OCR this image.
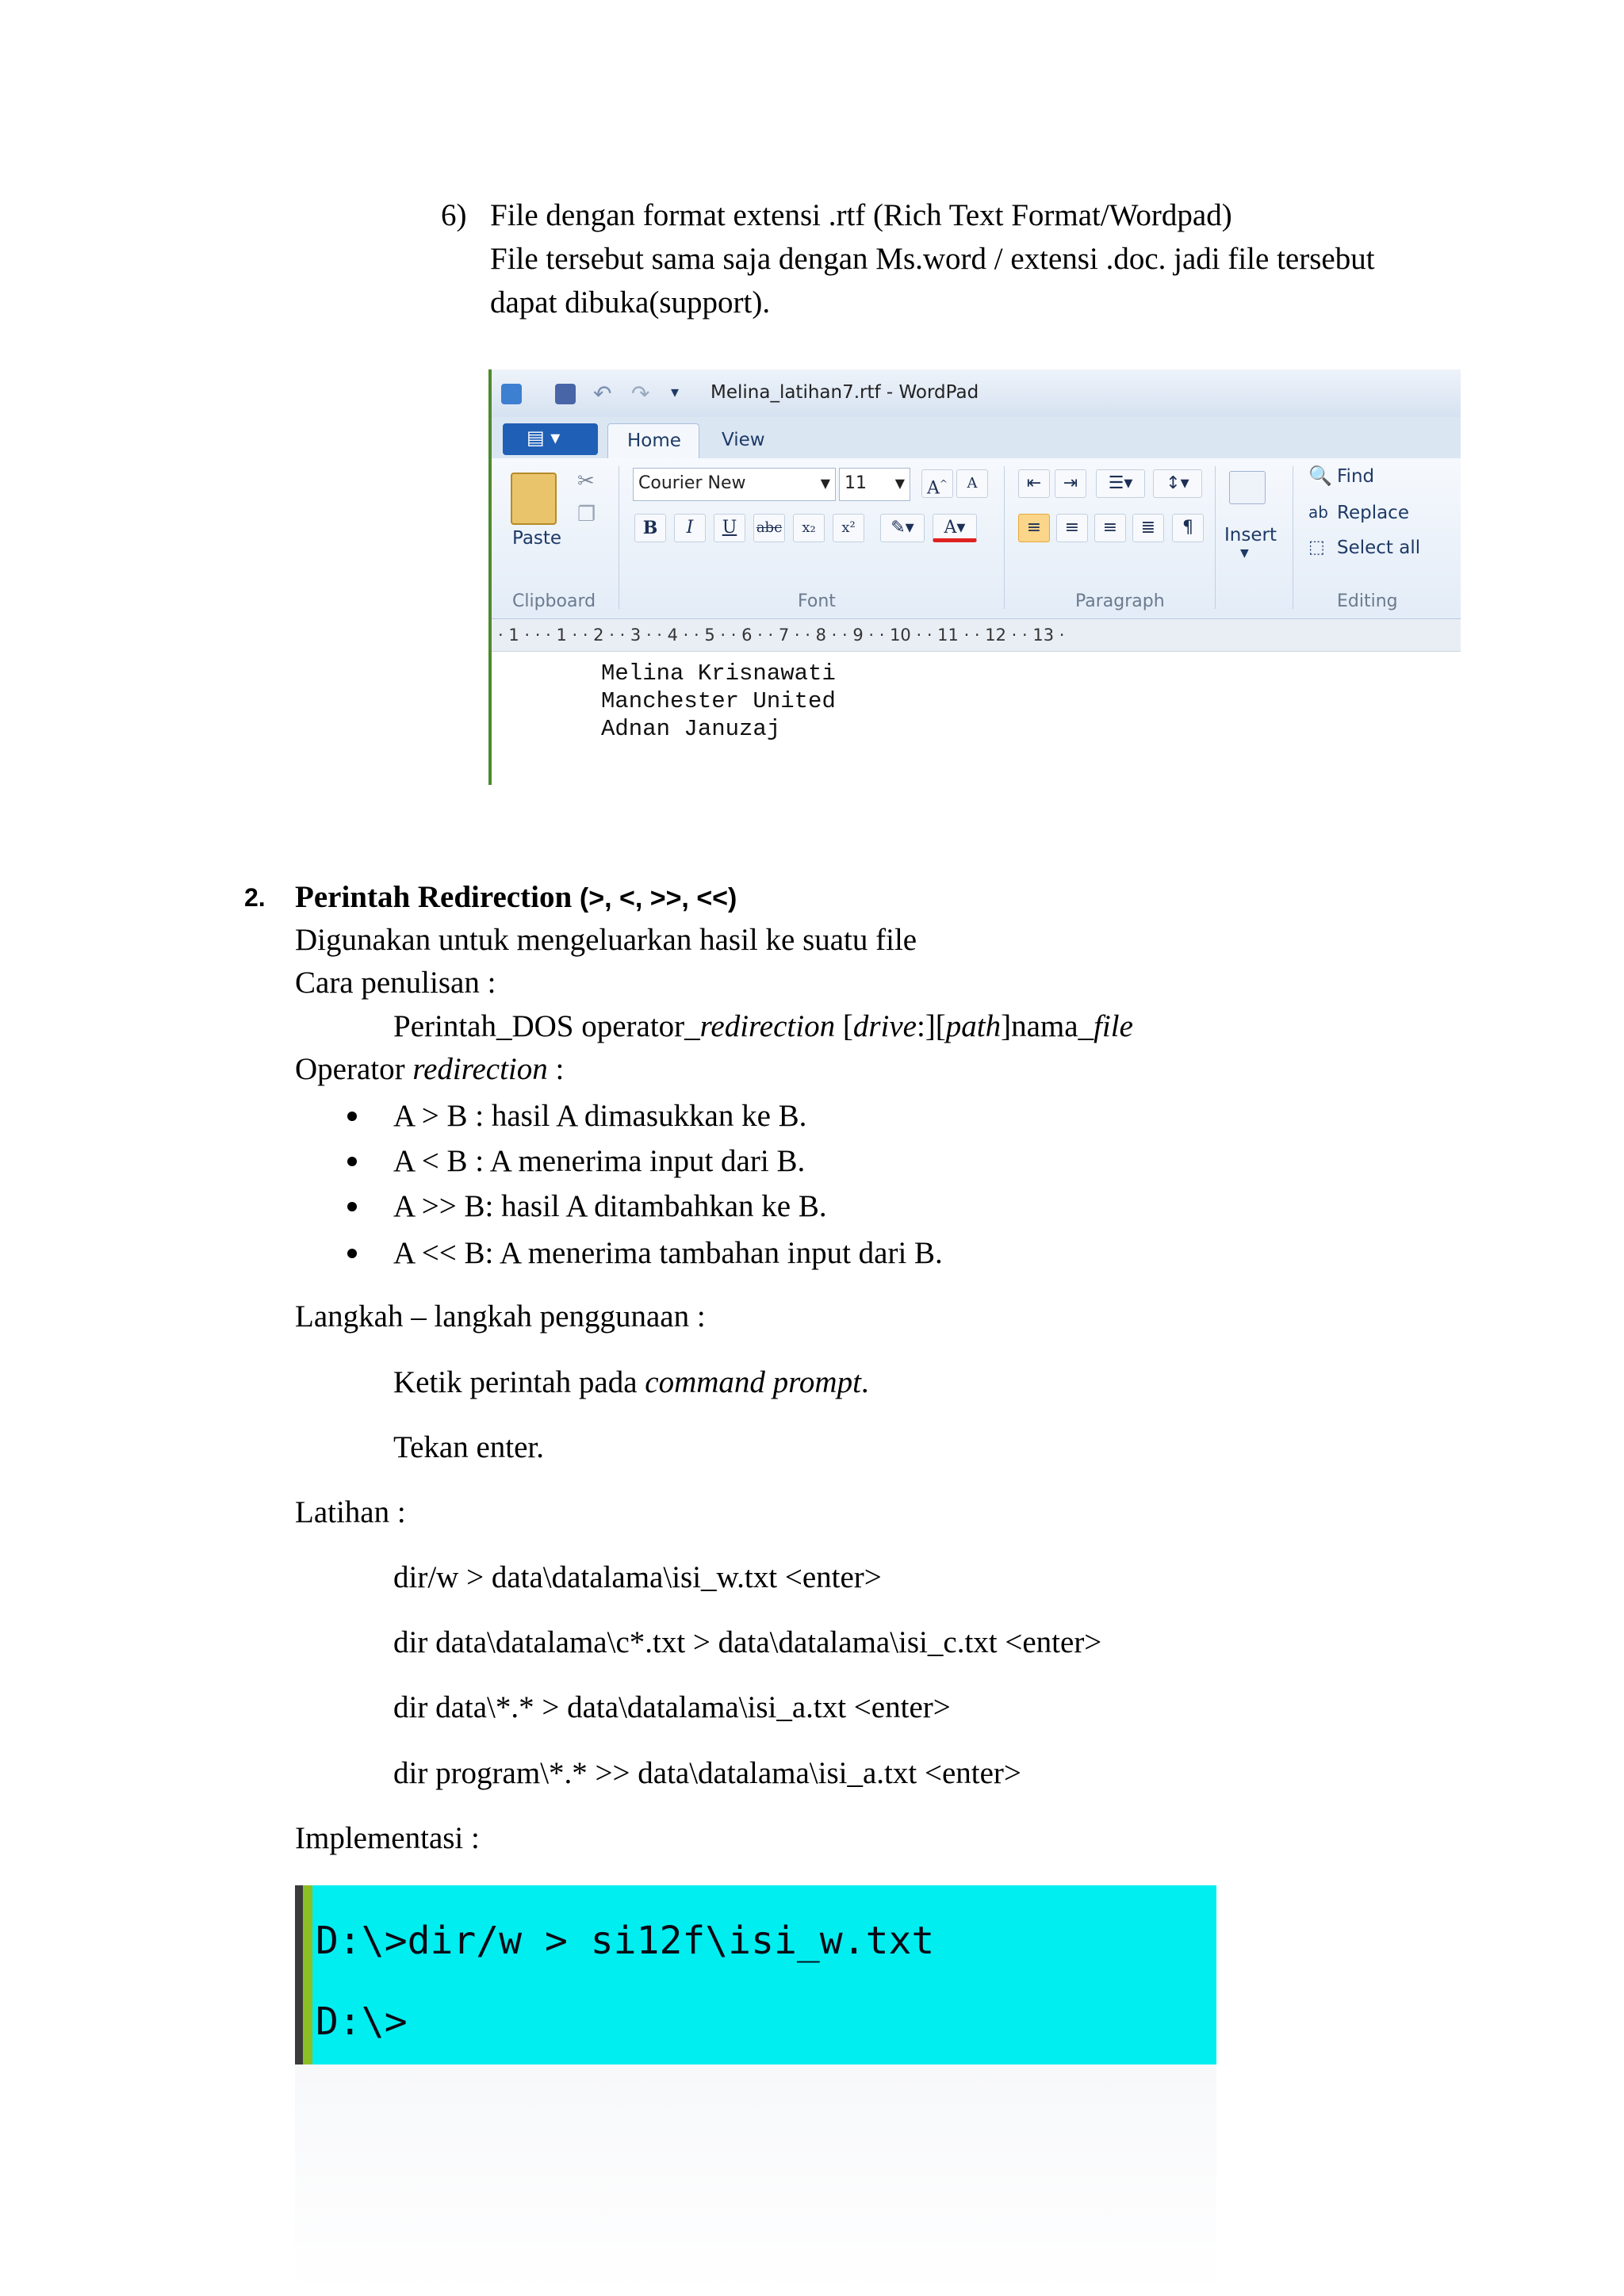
6) File dengan format extensi .rtf (Rich Text Format/Wordpad)
File tersebut sama saja dengan Ms.word / extensi .doc. jadi file tersebut
dapat dibuka(support).
↶ ↷ ▾ Melina_latihan7.rtf - WordPad
▤ ▾	Home View
Paste
✂
❐
Clipboard
Courier New	▼ 11 ▼	A^	A
B	I	U	abc	x₂	x²	✎▾	A▾
Font
⇤	⇥	☰▾	↕▾
≡	≡	≡	≣	¶
Paragraph
Insert
▼
🔍 Find
ab Replace
⬚ Select all
Editing
· 1 · · · 1 · · 2 · · 3 · · 4 · · 5 · · 6 · · 7 · · 8 · · 9 · · 10 · · 11 · · 12 · · 13 ·
Melina Krisnawati
Manchester United
Adnan Januzaj
2. Perintah Redirection (>, <, >>, <<)
Digunakan untuk mengeluarkan hasil ke suatu file
Cara penulisan :
Perintah_DOS operator_redirection [drive:][path]nama_file
Operator redirection :
A > B : hasil A dimasukkan ke B.
A < B : A menerima input dari B.
A >> B: hasil A ditambahkan ke B.
A << B: A menerima tambahan input dari B.
Langkah – langkah penggunaan :
Ketik perintah pada command prompt.
Tekan enter.
Latihan :
dir/w > data\datalama\isi_w.txt <enter>
dir data\datalama\c*.txt > data\datalama\isi_c.txt <enter>
dir data\*.* > data\datalama\isi_a.txt <enter>
dir program\*.* >> data\datalama\isi_a.txt <enter>
Implementasi :
D:\>dir/w > si12f\isi_w.txt
D:\>
